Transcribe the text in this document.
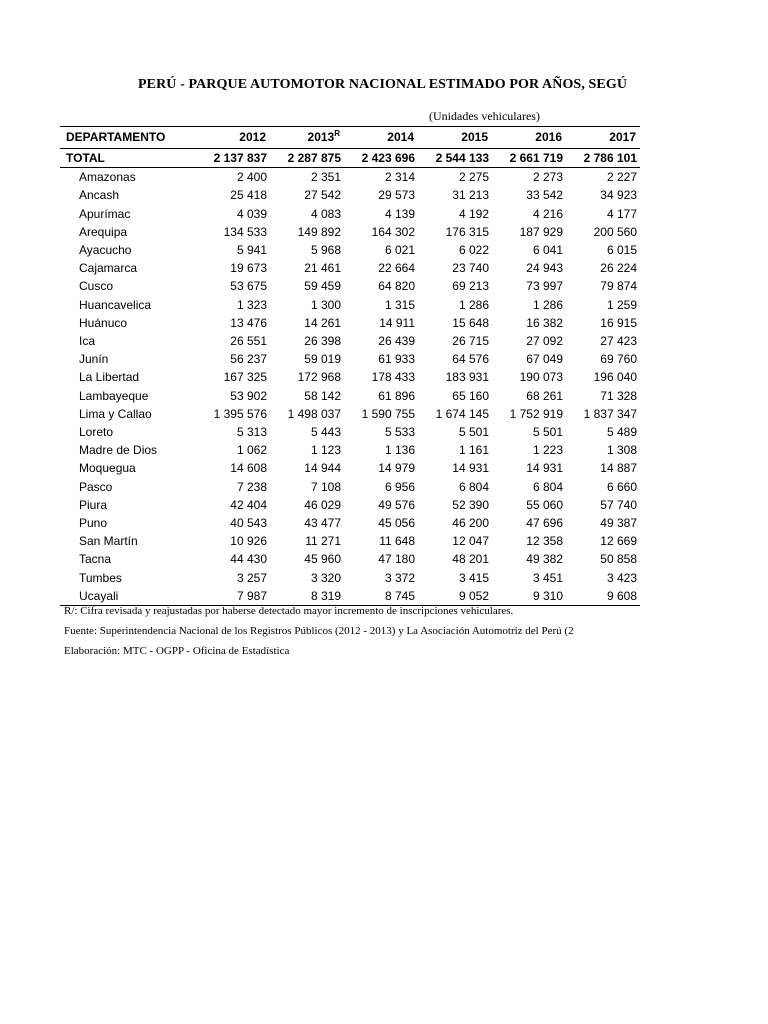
PERÚ - PARQUE AUTOMOTOR NACIONAL ESTIMADO POR AÑOS, SEGÚ
(Unidades vehiculares)
DEPARTAMENTO	2012	$2013^R$	2014	2015	2016	2017
TOTAL	2 137 837	2 287 875	2 423 696	2 544 133	2 661 719	2 786 101
Amazonas	2 400	2 351	2 314	2 275	2 273	2 227
Ancash	25 418	27 542	29 573	31 213	33 542	34 923
Apurímac	4 039	4 083	4 139	4 192	4 216	4 177
Arequipa	134 533	149 892	164 302	176 315	187 929	200 560
Ayacucho	5 941	5 968	6 021	6 022	6 041	6 015
Cajamarca	19 673	21 461	22 664	23 740	24 943	26 224
Cusco	53 675	59 459	64 820	69 213	73 997	79 874
Huancavelica	1 323	1 300	1 315	1 286	1 286	1 259
Huánuco	13 476	14 261	14 911	15 648	16 382	16 915
Ica	26 551	26 398	26 439	26 715	27 092	27 423
Junín	56 237	59 019	61 933	64 576	67 049	69 760
La Libertad	167 325	172 968	178 433	183 931	190 073	196 040
Lambayeque	53 902	58 142	61 896	65 160	68 261	71 328
Lima y Callao	1 395 576	1 498 037	1 590 755	1 674 145	1 752 919	1 837 347
Loreto	5 313	5 443	5 533	5 501	5 501	5 489
Madre de Dios	1 062	1 123	1 136	1 161	1 223	1 308
Moquegua	14 608	14 944	14 979	14 931	14 931	14 887
Pasco	7 238	7 108	6 956	6 804	6 804	6 660
Piura	42 404	46 029	49 576	52 390	55 060	57 740
Puno	40 543	43 477	45 056	46 200	47 696	49 387
San Martín	10 926	11 271	11 648	12 047	12 358	12 669
Tacna	44 430	45 960	47 180	48 201	49 382	50 858
Tumbes	3 257	3 320	3 372	3 415	3 451	3 423
Ucayali	7 987	8 319	8 745	9 052	9 310	9 608
R/: Cifra revisada y reajustadas por haberse detectado mayor incremento de inscripciones vehiculares.
Fuente: Superintendencia Nacional de los Registros Públicos (2012 - 2013) y La Asociación Automotriz del Perú (2
Elaboración: MTC - OGPP - Oficina de Estadística
